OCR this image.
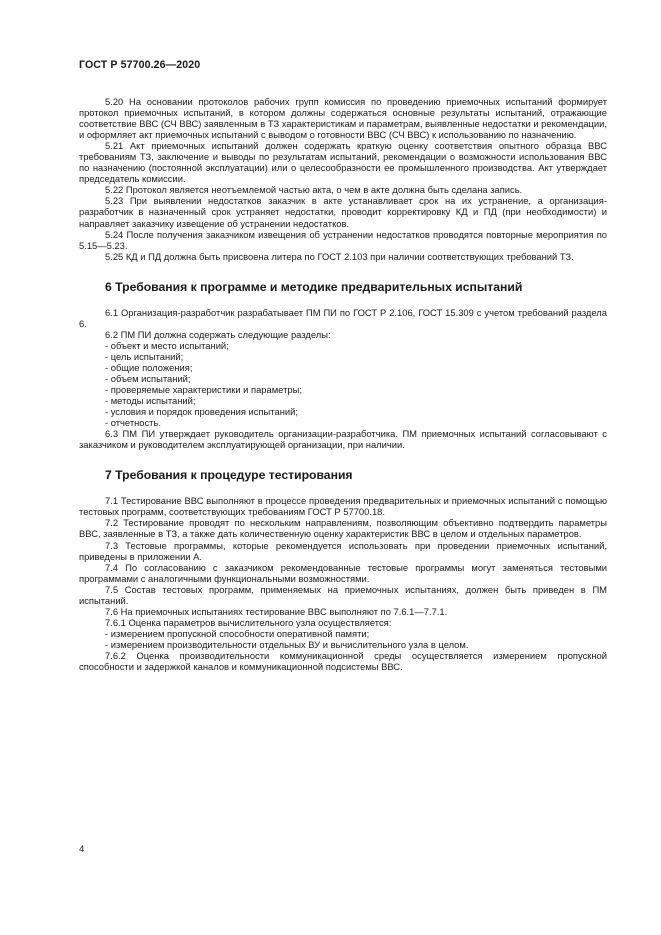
ГОСТ Р 57700.26—2020

5.20 На основании протоколов рабочих групп комиссия по проведению приемочных испытаний формирует протокол приемочных испытаний, в котором должны содержаться основные результаты испытаний, отражающие соответствие ВВС (СЧ ВВС) заявленным в ТЗ характеристикам и параметрам, выявленные недостатки и рекомендации, и оформляет акт приемочных испытаний с выводом о готовности ВВС (СЧ ВВС) к использованию по назначению.

5.21 Акт приемочных испытаний должен содержать краткую оценку соответствия опытного образца ВВС требованиям ТЗ, заключение и выводы по результатам испытаний, рекомендации о возможности использования ВВС по назначению (постоянной эксплуатации) или о целесообразности ее промышленного производства. Акт утверждает председатель комиссии.

5.22 Протокол является неотъемлемой частью акта, о чем в акте должна быть сделана запись.

5.23 При выявлении недостатков заказчик в акте устанавливает срок на их устранение, а организация-разработчик в назначенный срок устраняет недостатки, проводит корректировку КД и ПД (при необходимости) и направляет заказчику извещение об устранении недостатков.

5.24 После получения заказчиком извещения об устранении недостатков проводятся повторные мероприятия по 5.15—5.23.

5.25 КД и ПД должна быть присвоена литера по ГОСТ 2.103 при наличии соответствующих требований ТЗ.

6 Требования к программе и методике предварительных испытаний

6.1 Организация-разработчик разрабатывает ПМ ПИ по ГОСТ Р 2.106, ГОСТ 15.309 с учетом требований раздела 6.

6.2 ПМ ПИ должна содержать следующие разделы:

- объект и место испытаний;
- цель испытаний;
- общие положения;
- объем испытаний;
- проверяемые характеристики и параметры;
- методы испытаний;
- условия и порядок проведения испытаний;
- отчетность.

6.3 ПМ ПИ утверждает руководитель организации-разработчика. ПМ приемочных испытаний согласовывают с заказчиком и руководителем эксплуатирующей организации, при наличии.

7 Требования к процедуре тестирования

7.1 Тестирование ВВС выполняют в процессе проведения предварительных и приемочных испытаний с помощью тестовых программ, соответствующих требованиям ГОСТ Р 57700.18.

7.2 Тестирование проводят по нескольким направлениям, позволяющим объективно подтвердить параметры ВВС, заявленные в ТЗ, а также дать количественную оценку характеристик ВВС в целом и отдельных параметров.

7.3 Тестовые программы, которые рекомендуется использовать при проведении приемочных испытаний, приведены в приложении А.

7.4 По согласованию с заказчиком рекомендованные тестовые программы могут заменяться тестовыми программами с аналогичными функциональными возможностями.

7.5 Состав тестовых программ, применяемых на приемочных испытаниях, должен быть приведен в ПМ испытаний.

7.6 На приемочных испытаниях тестирование ВВС выполняют по 7.6.1—7.7.1.

7.6.1 Оценка параметров вычислительного узла осуществляется:

- измерением пропускной способности оперативной памяти;
- измерением производительности отдельных ВУ и вычислительного узла в целом.

7.6.2 Оценка производительности коммуникационной среды осуществляется измерением пропускной способности и задержкой каналов и коммуникационной подсистемы ВВС.

4
